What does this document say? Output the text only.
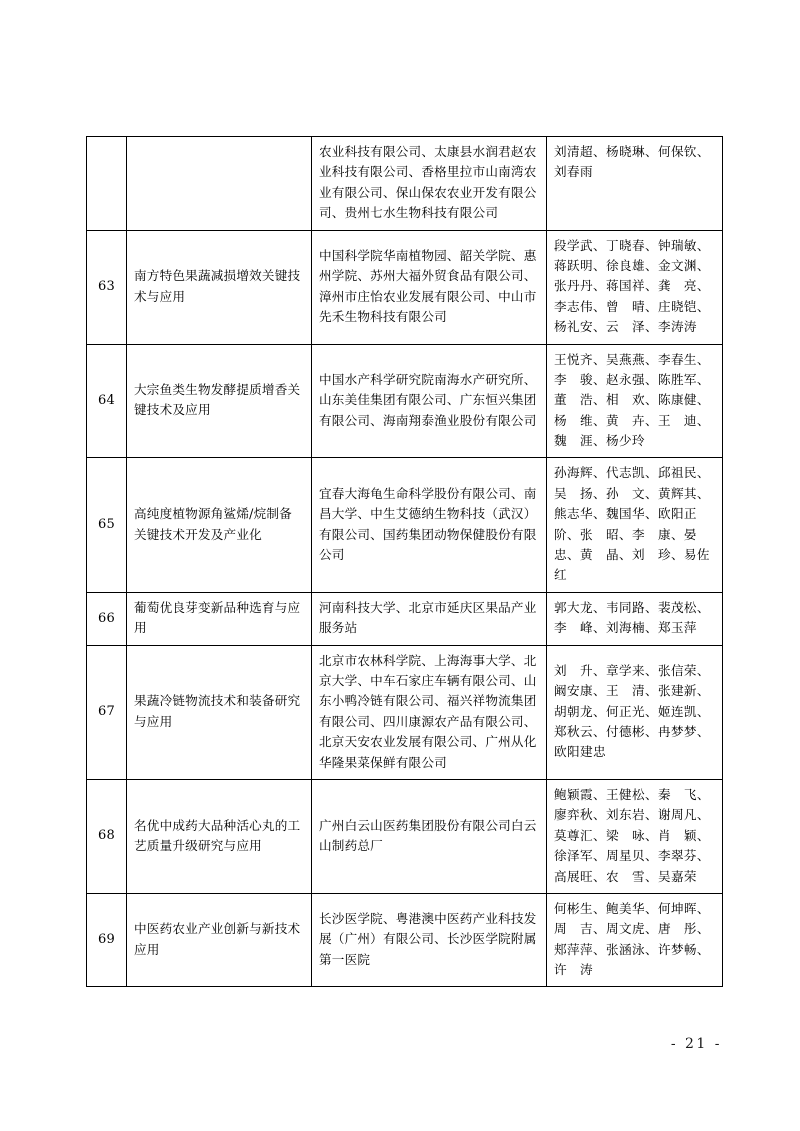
		农业科技有限公司、太康县水润君赵农业科技有限公司、香格里拉市山南湾农业有限公司、保山保农农业开发有限公司、贵州七水生物科技有限公司	刘清超、杨晓琳、何保钦、刘春雨
63	南方特色果蔬减损增效关键技术与应用	中国科学院华南植物园、韶关学院、惠州学院、苏州大福外贸食品有限公司、漳州市庄怡农业发展有限公司、中山市先禾生物科技有限公司	段学武、丁晓春、钟瑞敏、蒋跃明、徐良雄、金文渊、张丹丹、蒋国祥、龚　亮、李志伟、曾　晴、庄晓铠、杨礼安、云　泽、李涛涛
64	大宗鱼类生物发酵提质增香关键技术及应用	中国水产科学研究院南海水产研究所、山东美佳集团有限公司、广东恒兴集团有限公司、海南翔泰渔业股份有限公司	王悦齐、吴燕燕、李春生、李　骏、赵永强、陈胜军、董　浩、相　欢、陈康健、杨　维、黄　卉、王　迪、魏　涯、杨少玲
65	高纯度植物源角鲨烯/烷制备关键技术开发及产业化	宜春大海龟生命科学股份有限公司、南昌大学、中生艾德纳生物科技（武汉）有限公司、国药集团动物保健股份有限公司	孙海辉、代志凯、邱祖民、吴　扬、孙　文、黄辉其、熊志华、魏国华、欧阳正阶、张　昭、李　康、晏忠、黄　晶、刘　珍、易佐红
66	葡萄优良芽变新品种选育与应用	河南科技大学、北京市延庆区果品产业服务站	郭大龙、韦同路、裴茂松、李　峰、刘海楠、郑玉萍
67	果蔬冷链物流技术和装备研究与应用	北京市农林科学院、上海海事大学、北京大学、中车石家庄车辆有限公司、山东小鸭冷链有限公司、福兴祥物流集团有限公司、四川康源农产品有限公司、北京天安农业发展有限公司、广州从化华隆果菜保鲜有限公司	刘　升、章学来、张信荣、阚安康、王　清、张建新、胡朝龙、何正光、姬连凯、郑秋云、付德彬、冉梦梦、欧阳建忠
68	名优中成药大品种活心丸的工艺质量升级研究与应用	广州白云山医药集团股份有限公司白云山制药总厂	鲍颖霞、王健松、秦　飞、廖弈秋、刘东岩、谢周凡、莫尊汇、梁　咏、肖　颖、徐泽军、周星贝、李翠芬、高展旺、农　雪、吴嘉荣
69	中医药农业产业创新与新技术应用	长沙医学院、粤港澳中医药产业科技发展（广州）有限公司、长沙医学院附属第一医院	何彬生、鲍美华、何坤晖、周　吉、周文虎、唐　彤、郏萍萍、张涵泳、许梦畅、许　涛
- 21 -
